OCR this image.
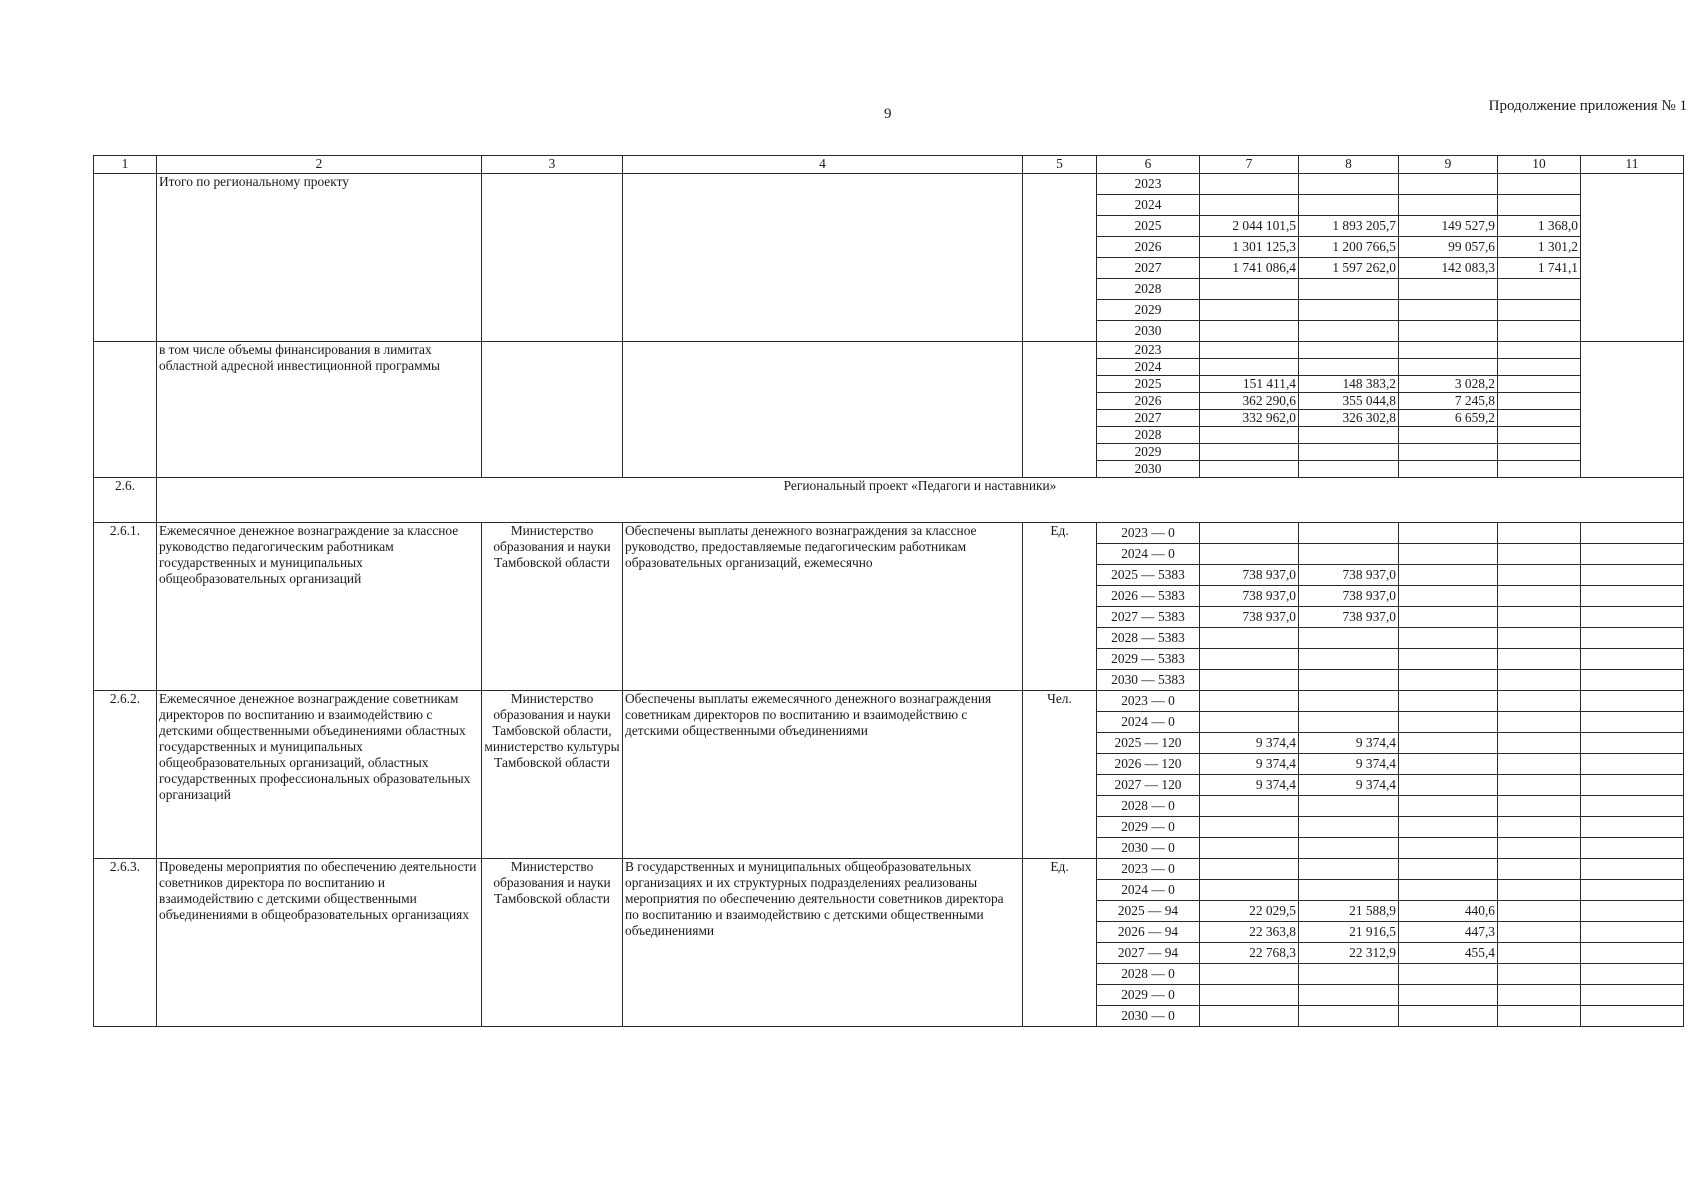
9	Продолжение приложения № 1
1	2	3	4	5	6	7	8	9	10	11
	Итого по региональному проекту				2023					
					2024					
					2025	2 044 101,5	1 893 205,7	149 527,9	1 368,0	
					2026	1 301 125,3	1 200 766,5	99 057,6	1 301,2	
					2027	1 741 086,4	1 597 262,0	142 083,3	1 741,1	
					2028					
					2029					
					2030					
	в том числе объемы финансирования в лимитах областной адресной инвестиционной программы				2023					
					2024					
					2025	151 411,4	148 383,2	3 028,2		
					2026	362 290,6	355 044,8	7 245,8		
					2027	332 962,0	326 302,8	6 659,2		
					2028					
					2029					
					2030					
2.6.	Региональный проект «Педагоги и наставники»									
2.6.1.	Ежемесячное денежное вознаграждение за классное руководство педагогическим работникам государственных и муниципальных общеобразовательных организаций	Министерство образования и науки Тамбовской области	Обеспечены выплаты денежного вознаграждения за классное руководство, предоставляемые педагогическим работникам образовательных организаций, ежемесячно	Ед.	2023 — 0					
					2024 — 0					
					2025 — 5383	738 937,0	738 937,0			
					2026 — 5383	738 937,0	738 937,0			
					2027 — 5383	738 937,0	738 937,0			
					2028 — 5383					
					2029 — 5383					
					2030 — 5383					
2.6.2.	Ежемесячное денежное вознаграждение советникам директоров по воспитанию и взаимодействию с детскими общественными объединениями областных государственных и муниципальных общеобразовательных организаций, областных государственных профессиональных образовательных организаций	Министерство образования и науки Тамбовской области, министерство культуры Тамбовской области	Обеспечены выплаты ежемесячного денежного вознаграждения советникам директоров по воспитанию и взаимодействию с детскими общественными объединениями	Чел.	2023 — 0					
					2024 — 0					
					2025 — 120	9 374,4	9 374,4			
					2026 — 120	9 374,4	9 374,4			
					2027 — 120	9 374,4	9 374,4			
					2028 — 0					
					2029 — 0					
					2030 — 0					
2.6.3.	Проведены мероприятия по обеспечению деятельности советников директора по воспитанию и взаимодействию с детскими общественными объединениями в общеобразовательных организациях	Министерство образования и науки Тамбовской области	В государственных и муниципальных общеобразовательных организациях и их структурных подразделениях реализованы мероприятия по обеспечению деятельности советников директора по воспитанию и взаимодействию с детскими общественными объединениями	Ед.	2023 — 0					
					2024 — 0					
					2025 — 94	22 029,5	21 588,9	440,6		
					2026 — 94	22 363,8	21 916,5	447,3		
					2027 — 94	22 768,3	22 312,9	455,4		
					2028 — 0					
					2029 — 0					
					2030 — 0					
